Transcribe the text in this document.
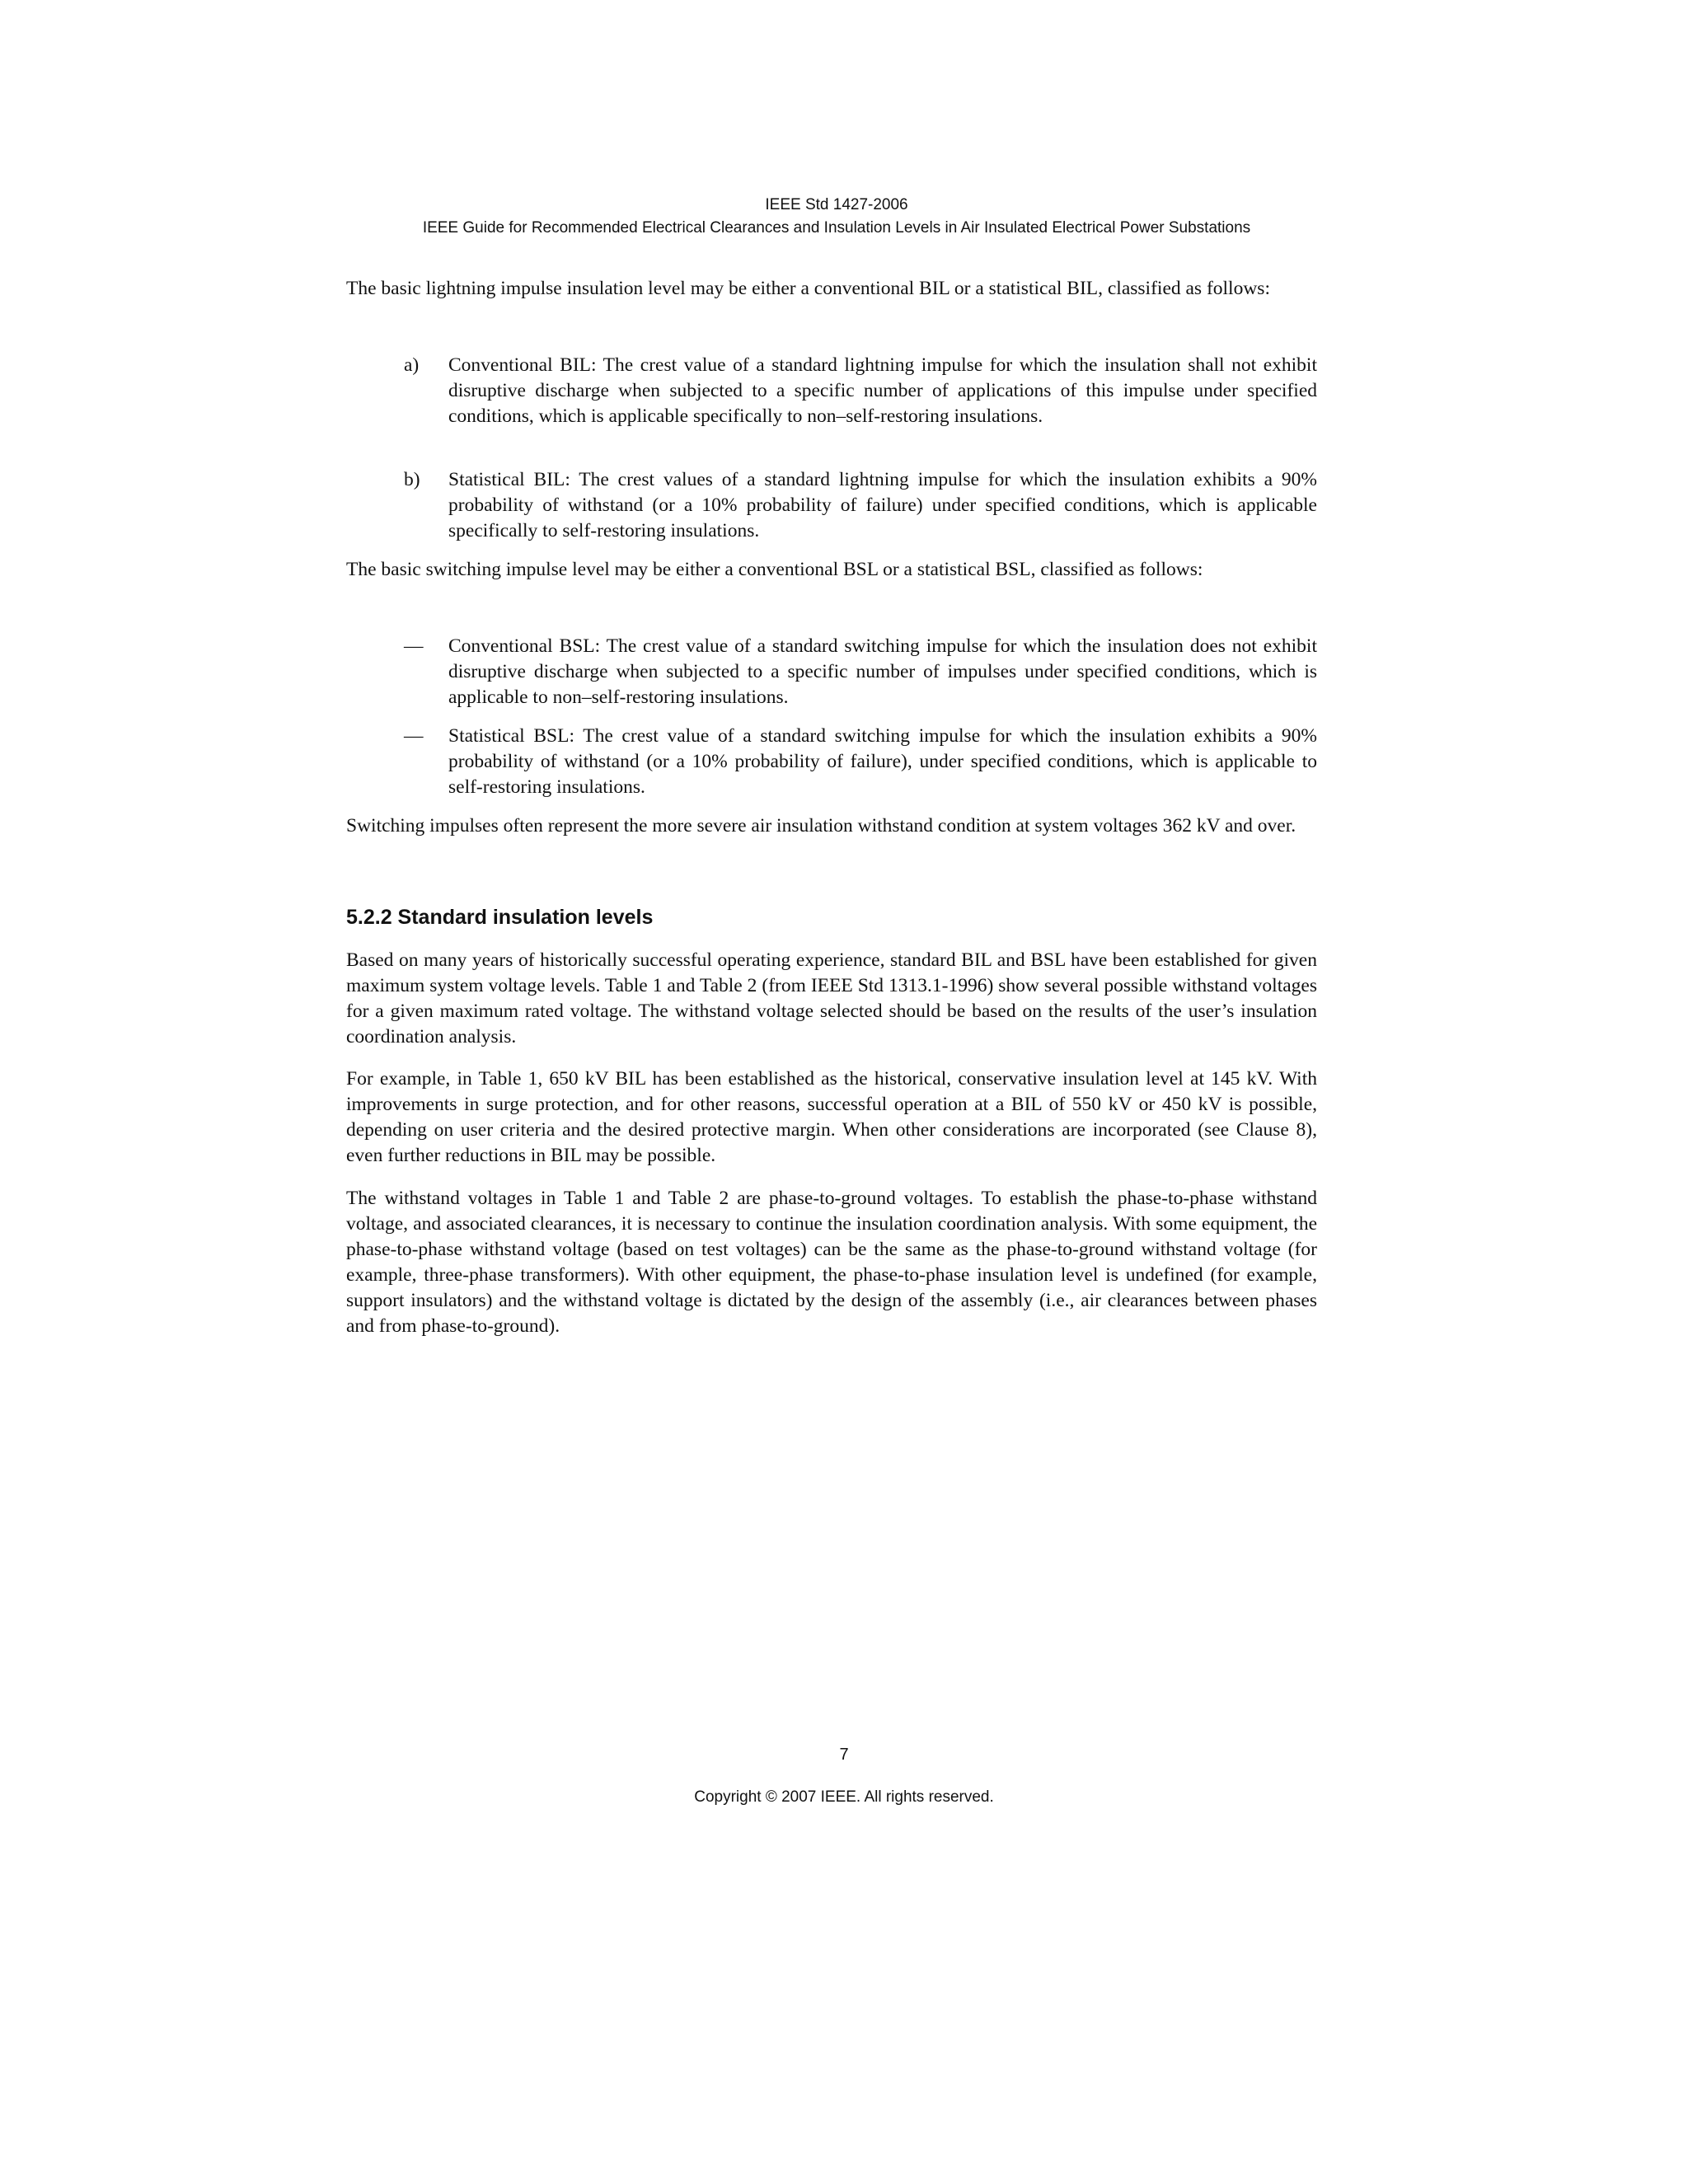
IEEE Std 1427-2006
IEEE Guide for Recommended Electrical Clearances and Insulation Levels in Air Insulated Electrical Power Substations

The basic lightning impulse insulation level may be either a conventional BIL or a statistical BIL, classified as follows:

a)	Conventional BIL: The crest value of a standard lightning impulse for which the insulation shall not exhibit disruptive discharge when subjected to a specific number of applications of this impulse under specified conditions, which is applicable specifically to non–self-restoring insulations.
b)	Statistical BIL: The crest values of a standard lightning impulse for which the insulation exhibits a 90% probability of withstand (or a 10% probability of failure) under specified conditions, which is applicable specifically to self-restoring insulations.

The basic switching impulse level may be either a conventional BSL or a statistical BSL, classified as follows:

—	Conventional BSL: The crest value of a standard switching impulse for which the insulation does not exhibit disruptive discharge when subjected to a specific number of impulses under specified conditions, which is applicable to non–self-restoring insulations.
—	Statistical BSL: The crest value of a standard switching impulse for which the insulation exhibits a 90% probability of withstand (or a 10% probability of failure), under specified conditions, which is applicable to self-restoring insulations.

Switching impulses often represent the more severe air insulation withstand condition at system voltages 362 kV and over.

5.2.2 Standard insulation levels

Based on many years of historically successful operating experience, standard BIL and BSL have been established for given maximum system voltage levels. Table 1 and Table 2 (from IEEE Std 1313.1-1996) show several possible withstand voltages for a given maximum rated voltage. The withstand voltage selected should be based on the results of the user’s insulation coordination analysis.

For example, in Table 1, 650 kV BIL has been established as the historical, conservative insulation level at 145 kV. With improvements in surge protection, and for other reasons, successful operation at a BIL of 550 kV or 450 kV is possible, depending on user criteria and the desired protective margin. When other considerations are incorporated (see Clause 8), even further reductions in BIL may be possible.

The withstand voltages in Table 1 and Table 2 are phase-to-ground voltages. To establish the phase-to-phase withstand voltage, and associated clearances, it is necessary to continue the insulation coordination analysis. With some equipment, the phase-to-phase withstand voltage (based on test voltages) can be the same as the phase-to-ground withstand voltage (for example, three-phase transformers). With other equipment, the phase-to-phase insulation level is undefined (for example, support insulators) and the withstand voltage is dictated by the design of the assembly (i.e., air clearances between phases and from phase-to-ground).

7
Copyright © 2007 IEEE. All rights reserved.
